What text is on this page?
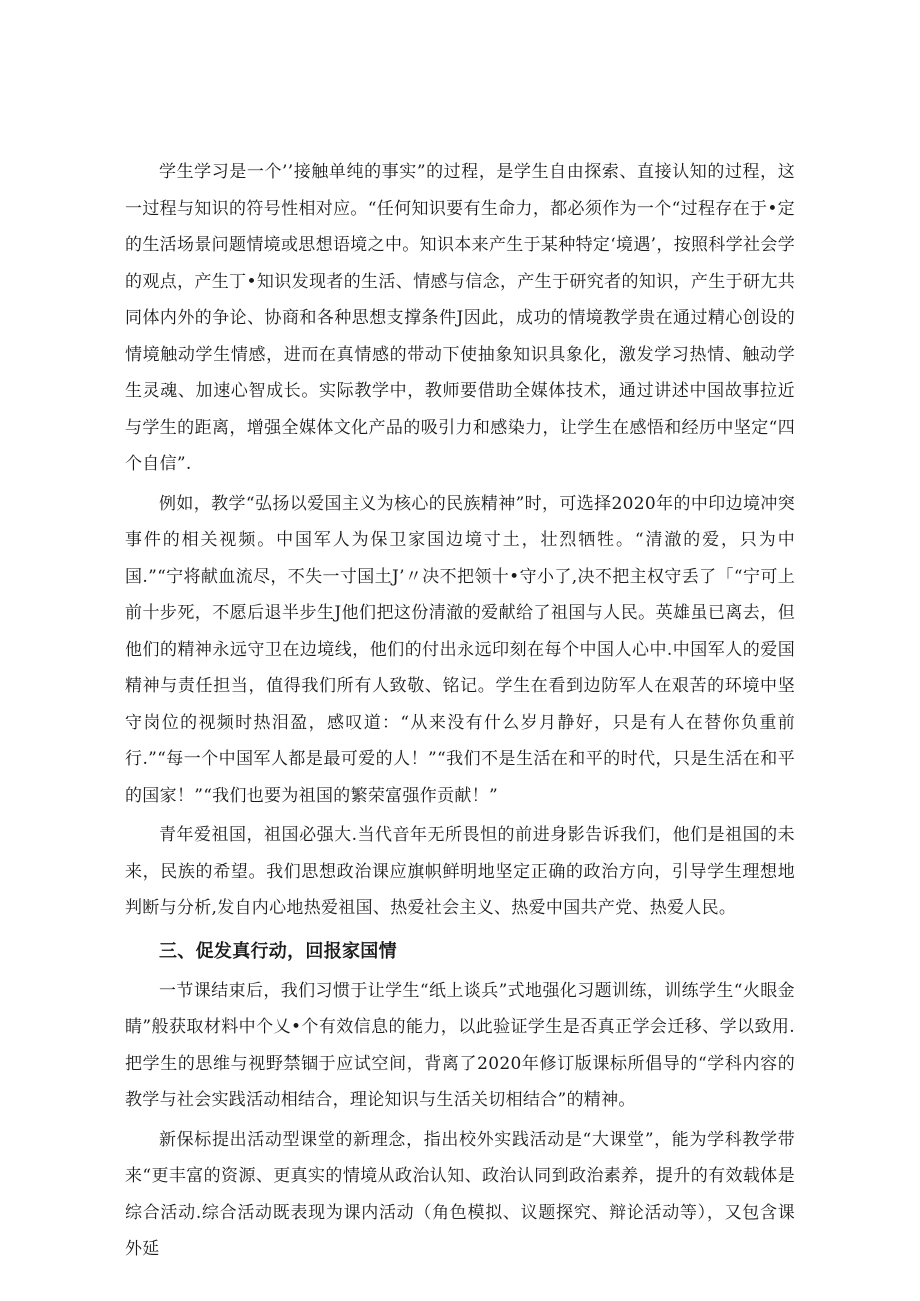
学生学习是一个’’接触单纯的事实”的过程，是学生自由探索、直接认知的过程，这一过程与知识的符号性相对应。“任何知识要有生命力，都必须作为一个“过程存在于•定的生活场景问题情境或思想语境之中。知识本来产生于某种特定‘境遇’，按照科学社会学的观点，产生丁•知识发现者的生活、情感与信念，产生于研究者的知识，产生于研尢共同体内外的争论、协商和各种思想支撑条件J因此，成功的情境教学贵在通过精心创设的情境触动学生情感，进而在真情感的带动下使抽象知识具象化，激发学习热情、触动学生灵魂、加速心智成长。实际教学中，教师要借助全媒体技术，通过讲述中国故事拉近与学生的距离，增强全媒体文化产品的吸引力和感染力，让学生在感悟和经历中坚定“四个自信”.

例如，教学“弘扬以爱国主义为核心的民族精神”时，可选择2020年的中印边境冲突事件的相关视频。中国军人为保卫家国边境寸土，壮烈牺牲。“清澈的爱，只为中国.”“宁将献血流尽，不失一寸国土J’〃决不把领十•守小了,决不把主权守丢了「“宁可上前十步死，不愿后退半步生J他们把这份清澈的爱献给了祖国与人民。英雄虽已离去，但他们的精神永远守卫在边境线，他们的付出永远印刻在每个中国人心中.中国军人的爱国精神与责任担当，值得我们所有人致敬、铭记。学生在看到边防军人在艰苦的环境中坚守岗位的视频时热泪盈，感叹道：“从来没有什么岁月静好，只是有人在替你负重前行.”“每一个中国军人都是最可爱的人！”“我们不是生活在和平的时代，只是生活在和平的国家！”“我们也要为祖国的繁荣富强作贡献！”

青年爱祖国，祖国必强大.当代音年无所畏怛的前进身影告诉我们，他们是祖国的未来，民族的希望。我们思想政治课应旗帜鲜明地坚定正确的政治方向，引导学生理想地判断与分析,发自内心地热爱祖国、热爱社会主义、热爱中国共产党、热爱人民。

三、促发真行动，回报家国情

一节课结束后，我们习惯于让学生“纸上谈兵”式地强化习题训练，训练学生“火眼金睛”般获取材料中个乂•个有效信息的能力，以此验证学生是否真正学会迁移、学以致用.把学生的思维与视野禁锢于应试空间，背离了2020年修订版课标所倡导的“学科内容的教学与社会实践活动相结合，理论知识与生活关切相结合”的精神。

新保标提出活动型课堂的新理念，指出校外实践活动是“大课堂”，能为学科教学带来“更丰富的资源、更真实的情境从政治认知、政治认同到政治素养，提升的有效载体是综合活动.综合活动既表现为课内活动（角色模拟、议题探究、辩论活动等），又包含课外延
